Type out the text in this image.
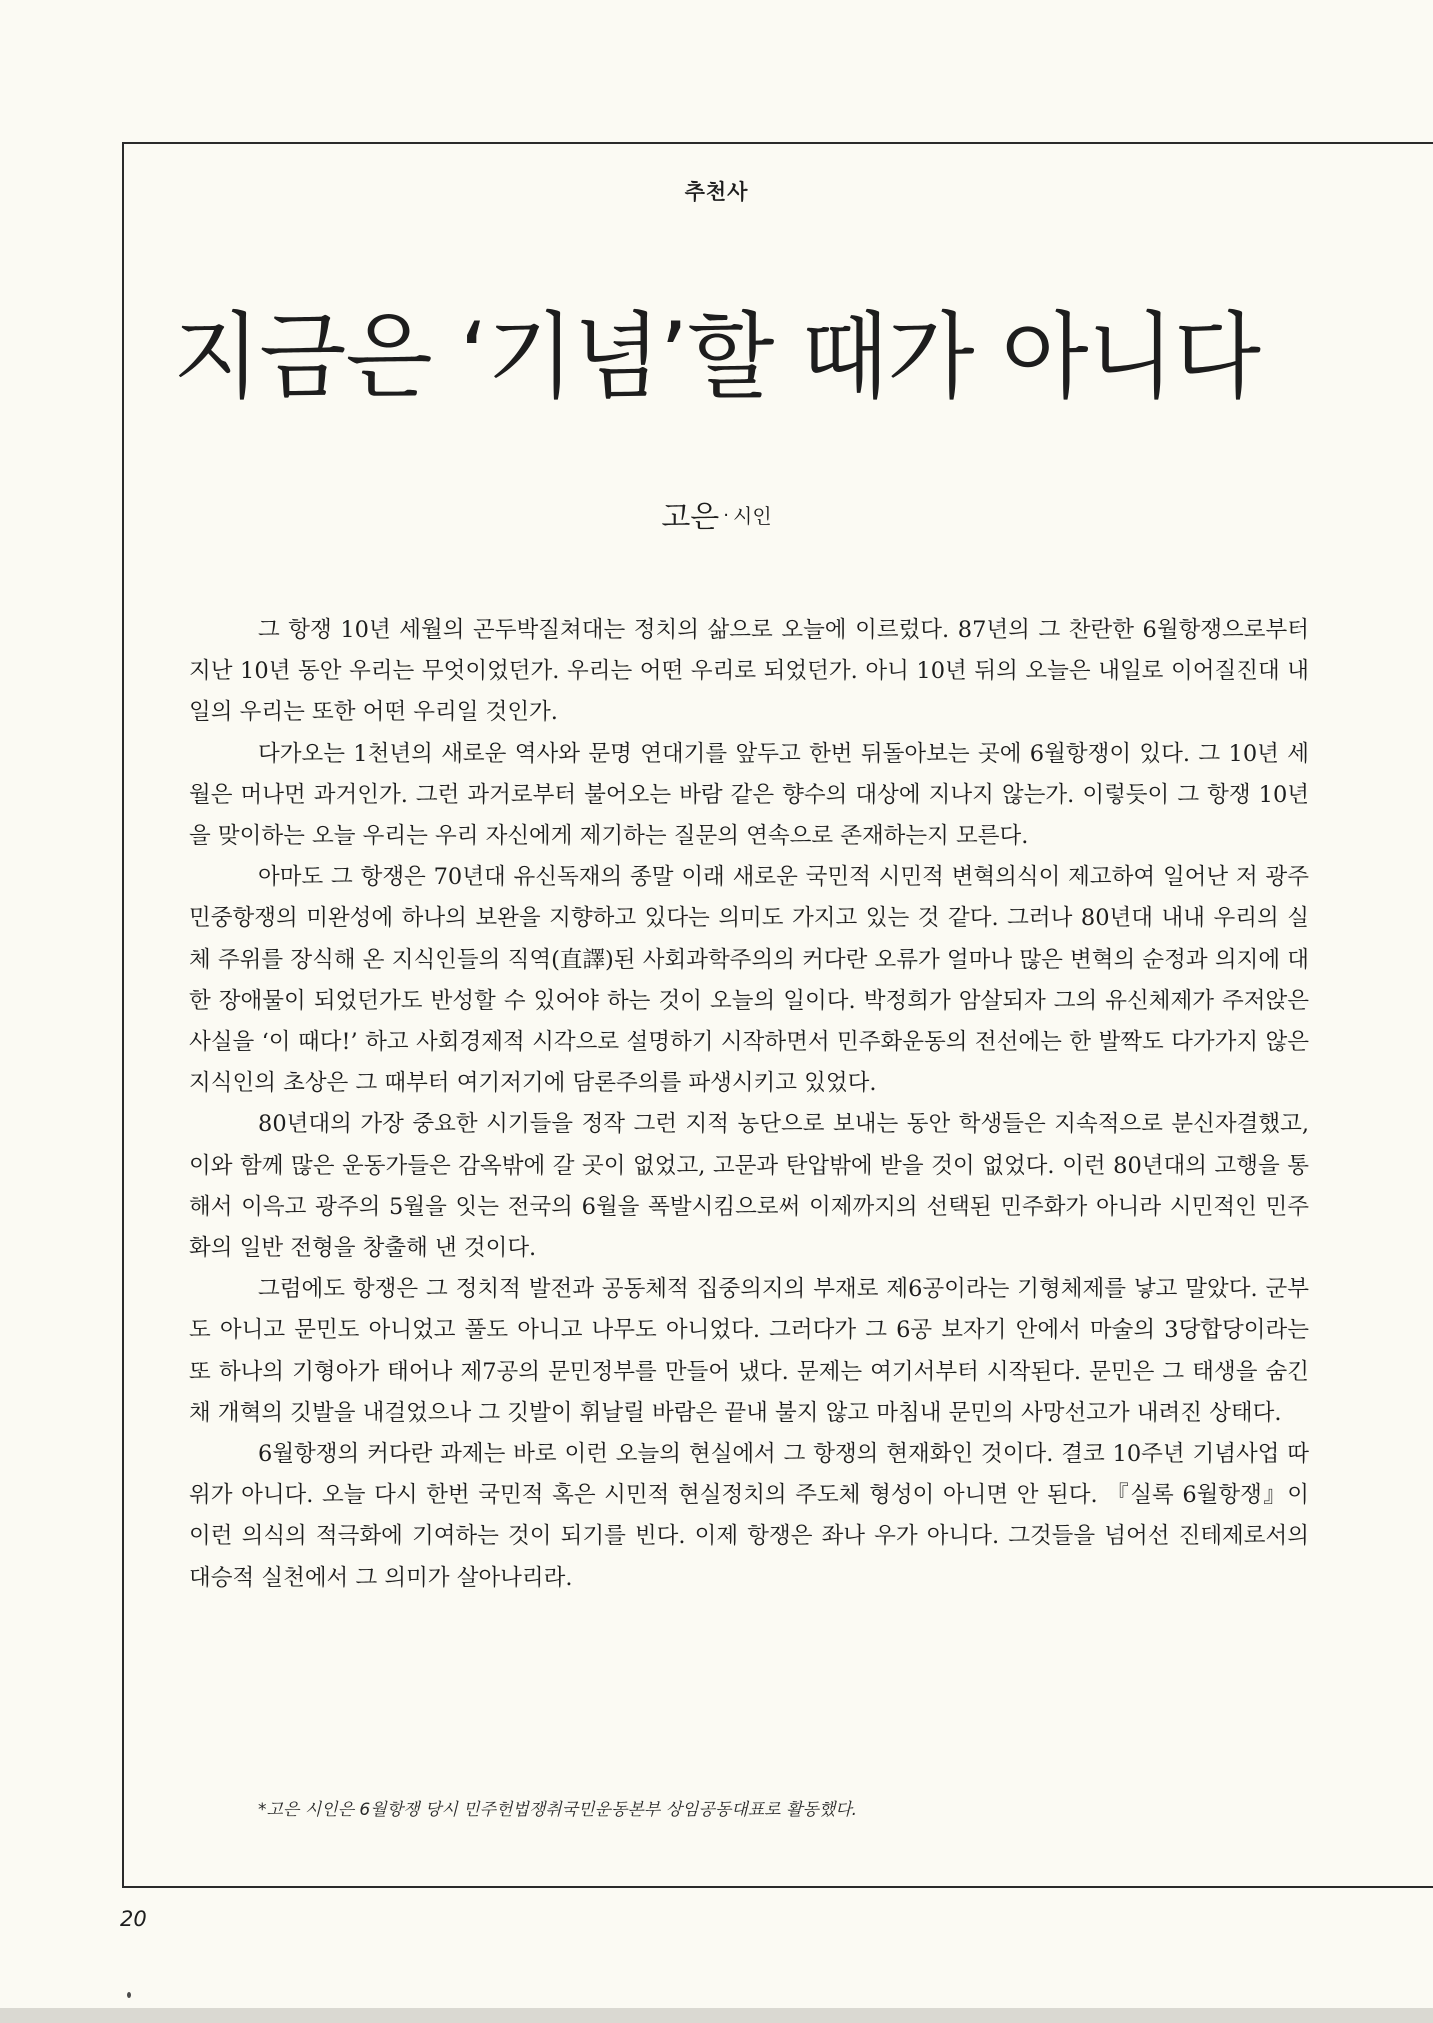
추천사
지금은 ‘기념’할 때가 아니다
고은 · 시인

그 항쟁 10년 세월의 곤두박질쳐대는 정치의 삶으로 오늘에 이르렀다. 87년의 그 찬란한 6월항쟁으로부터 지난 10년 동안 우리는 무엇이었던가. 우리는 어떤 우리로 되었던가. 아니 10년 뒤의 오늘은 내일로 이어질진대 내일의 우리는 또한 어떤 우리일 것인가.

다가오는 1천년의 새로운 역사와 문명 연대기를 앞두고 한번 뒤돌아보는 곳에 6월항쟁이 있다. 그 10년 세월은 머나먼 과거인가. 그런 과거로부터 불어오는 바람 같은 향수의 대상에 지나지 않는가. 이렇듯이 그 항쟁 10년을 맞이하는 오늘 우리는 우리 자신에게 제기하는 질문의 연속으로 존재하는지 모른다.

아마도 그 항쟁은 70년대 유신독재의 종말 이래 새로운 국민적 시민적 변혁의식이 제고하여 일어난 저 광주민중항쟁의 미완성에 하나의 보완을 지향하고 있다는 의미도 가지고 있는 것 같다. 그러나 80년대 내내 우리의 실체 주위를 장식해 온 지식인들의 직역(直譯)된 사회과학주의의 커다란 오류가 얼마나 많은 변혁의 순정과 의지에 대한 장애물이 되었던가도 반성할 수 있어야 하는 것이 오늘의 일이다. 박정희가 암살되자 그의 유신체제가 주저앉은 사실을 ‘이 때다!’ 하고 사회경제적 시각으로 설명하기 시작하면서 민주화운동의 전선에는 한 발짝도 다가가지 않은 지식인의 초상은 그 때부터 여기저기에 담론주의를 파생시키고 있었다.

80년대의 가장 중요한 시기들을 정작 그런 지적 농단으로 보내는 동안 학생들은 지속적으로 분신자결했고, 이와 함께 많은 운동가들은 감옥밖에 갈 곳이 없었고, 고문과 탄압밖에 받을 것이 없었다. 이런 80년대의 고행을 통해서 이윽고 광주의 5월을 잇는 전국의 6월을 폭발시킴으로써 이제까지의 선택된 민주화가 아니라 시민적인 민주화의 일반 전형을 창출해 낸 것이다.

그럼에도 항쟁은 그 정치적 발전과 공동체적 집중의지의 부재로 제6공이라는 기형체제를 낳고 말았다. 군부도 아니고 문민도 아니었고 풀도 아니고 나무도 아니었다. 그러다가 그 6공 보자기 안에서 마술의 3당합당이라는 또 하나의 기형아가 태어나 제7공의 문민정부를 만들어 냈다. 문제는 여기서부터 시작된다. 문민은 그 태생을 숨긴 채 개혁의 깃발을 내걸었으나 그 깃발이 휘날릴 바람은 끝내 불지 않고 마침내 문민의 사망선고가 내려진 상태다.

6월항쟁의 커다란 과제는 바로 이런 오늘의 현실에서 그 항쟁의 현재화인 것이다. 결코 10주년 기념사업 따위가 아니다. 오늘 다시 한번 국민적 혹은 시민적 현실정치의 주도체 형성이 아니면 안 된다. 『실록 6월항쟁』이 이런 의식의 적극화에 기여하는 것이 되기를 빈다. 이제 항쟁은 좌나 우가 아니다. 그것들을 넘어선 진테제로서의 대승적 실천에서 그 의미가 살아나리라.

*고은 시인은 6월항쟁 당시 민주헌법쟁취국민운동본부 상임공동대표로 활동했다.
20
